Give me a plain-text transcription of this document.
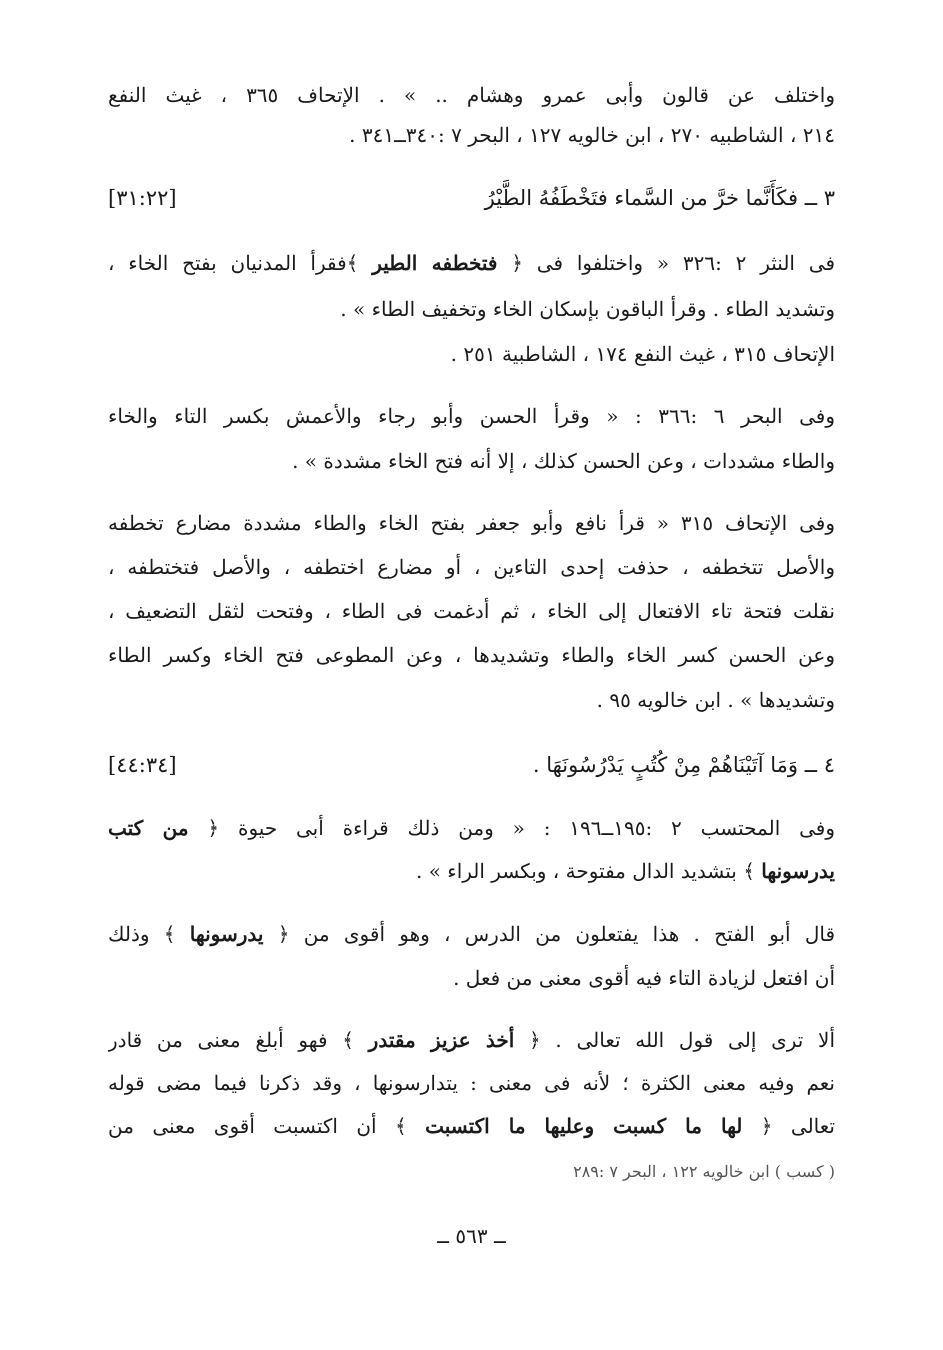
واختلف عن قالون وأبى عمرو وهشام .. » . الإتحاف ٣٦٥ ، غيث النفع
٢١٤ ، الشاطبيه ٢٧٠ ، ابن خالويه ١٢٧ ، البحر ٧ :٣٤٠ــ٣٤١ .
٣ ــ فكَأَنَّما خرَّ من السَّماء فتَخْطَفُهُ الطَّيْرُ
[٣١:٢٢]
فى النثر ٢ :٣٢٦ « واختلفوا فى ﴿ فتخطفه الطير ﴾فقرأ المدنيان بفتح الخاء ،
وتشديد الطاء . وقرأ الباقون بإسكان الخاء وتخفيف الطاء » .
الإتحاف ٣١٥ ، غيث النفع ١٧٤ ، الشاطبية ٢٥١ .
وفى البحر ٦ :٣٦٦ : « وقرأ الحسن وأبو رجاء والأعمش بكسر التاء والخاء
والطاء مشددات ، وعن الحسن كذلك ، إلا أنه فتح الخاء مشددة » .
وفى الإتحاف ٣١٥ « قرأ نافع وأبو جعفر بفتح الخاء والطاء مشددة مضارع تخطفه
والأصل تتخطفه ، حذفت إحدى التاءين ، أو مضارع اختطفه ، والأصل فتختطفه ،
نقلت فتحة تاء الافتعال إلى الخاء ، ثم أدغمت فى الطاء ، وفتحت لثقل التضعيف ،
وعن الحسن كسر الخاء والطاء وتشديدها ، وعن المطوعى فتح الخاء وكسر الطاء
وتشديدها » . ابن خالويه ٩٥ .
٤ ــ وَمَا آتَيْنَاهُمْ مِنْ كُتُبٍ يَدْرُسُونَهَا .
[٤٤:٣٤]
وفى المحتسب ٢ :١٩٥ــ١٩٦ : « ومن ذلك قراءة أبى حيوة ﴿ من كتب
يدرسونها ﴾ بتشديد الدال مفتوحة ، وبكسر الراء » .
قال أبو الفتح . هذا يفتعلون من الدرس ، وهو أقوى من ﴿ يدرسونها ﴾ وذلك
أن افتعل لزيادة التاء فيه أقوى معنى من فعل .
ألا ترى إلى قول الله تعالى . ﴿ أخذ عزيز مقتدر ﴾ فهو أبلغ معنى من قادر
نعم وفيه معنى الكثرة ؛ لأنه فى معنى : يتدارسونها ، وقد ذكرنا فيما مضى قوله
تعالى ﴿ لها ما كسبت وعليها ما اكتسبت ﴾ أن اكتسبت أقوى معنى من
( كسب ) ابن خالويه ١٢٢ ، البحر ٧ :٢٨٩
ــ ٥٦٣ ــ
